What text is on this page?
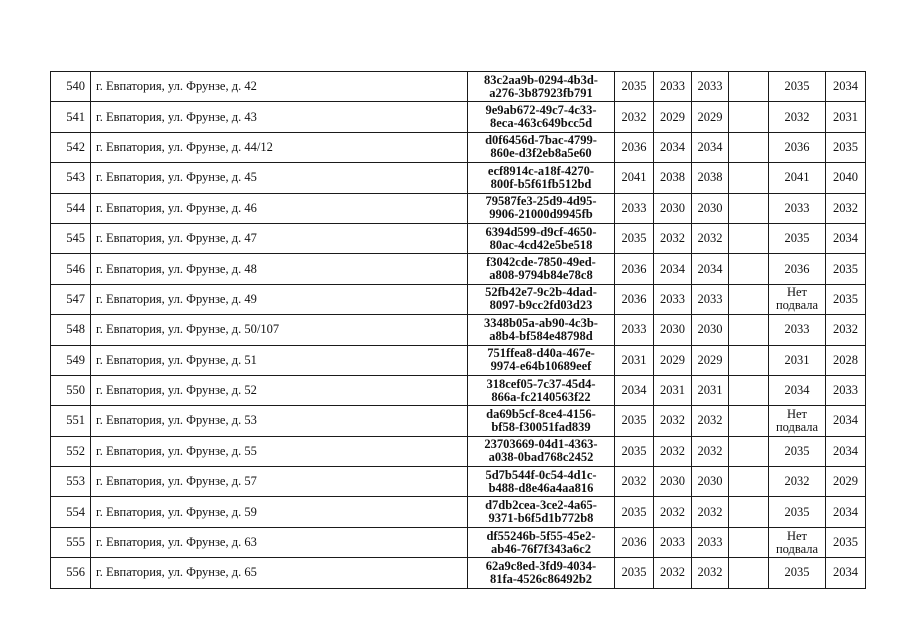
540	г. Евпатория, ул. Фрунзе, д. 42	83c2aa9b-0294-4b3d-
a276-3b87923fb791	2035	2033	2033		2035	2034
541	г. Евпатория, ул. Фрунзе, д. 43	9e9ab672-49c7-4c33-
8eca-463c649bcc5d	2032	2029	2029		2032	2031
542	г. Евпатория, ул. Фрунзе, д. 44/12	d0f6456d-7bac-4799-
860e-d3f2eb8a5e60	2036	2034	2034		2036	2035
543	г. Евпатория, ул. Фрунзе, д. 45	ecf8914c-a18f-4270-
800f-b5f61fb512bd	2041	2038	2038		2041	2040
544	г. Евпатория, ул. Фрунзе, д. 46	79587fe3-25d9-4d95-
9906-21000d9945fb	2033	2030	2030		2033	2032
545	г. Евпатория, ул. Фрунзе, д. 47	6394d599-d9cf-4650-
80ac-4cd42e5be518	2035	2032	2032		2035	2034
546	г. Евпатория, ул. Фрунзе, д. 48	f3042cde-7850-49ed-
a808-9794b84e78c8	2036	2034	2034		2036	2035
547	г. Евпатория, ул. Фрунзе, д. 49	52fb42e7-9c2b-4dad-
8097-b9cc2fd03d23	2036	2033	2033		Нет
подвала	2035
548	г. Евпатория, ул. Фрунзе, д. 50/107	3348b05a-ab90-4c3b-
a8b4-bf584e48798d	2033	2030	2030		2033	2032
549	г. Евпатория, ул. Фрунзе, д. 51	751ffea8-d40a-467e-
9974-e64b10689eef	2031	2029	2029		2031	2028
550	г. Евпатория, ул. Фрунзе, д. 52	318cef05-7c37-45d4-
866a-fc2140563f22	2034	2031	2031		2034	2033
551	г. Евпатория, ул. Фрунзе, д. 53	da69b5cf-8ce4-4156-
bf58-f30051fad839	2035	2032	2032		Нет
подвала	2034
552	г. Евпатория, ул. Фрунзе, д. 55	23703669-04d1-4363-
a038-0bad768c2452	2035	2032	2032		2035	2034
553	г. Евпатория, ул. Фрунзе, д. 57	5d7b544f-0c54-4d1c-
b488-d8e46a4aa816	2032	2030	2030		2032	2029
554	г. Евпатория, ул. Фрунзе, д. 59	d7db2cea-3ce2-4a65-
9371-b6f5d1b772b8	2035	2032	2032		2035	2034
555	г. Евпатория, ул. Фрунзе, д. 63	df55246b-5f55-45e2-
ab46-76f7f343a6c2	2036	2033	2033		Нет
подвала	2035
556	г. Евпатория, ул. Фрунзе, д. 65	62a9c8ed-3fd9-4034-
81fa-4526c86492b2	2035	2032	2032		2035	2034
